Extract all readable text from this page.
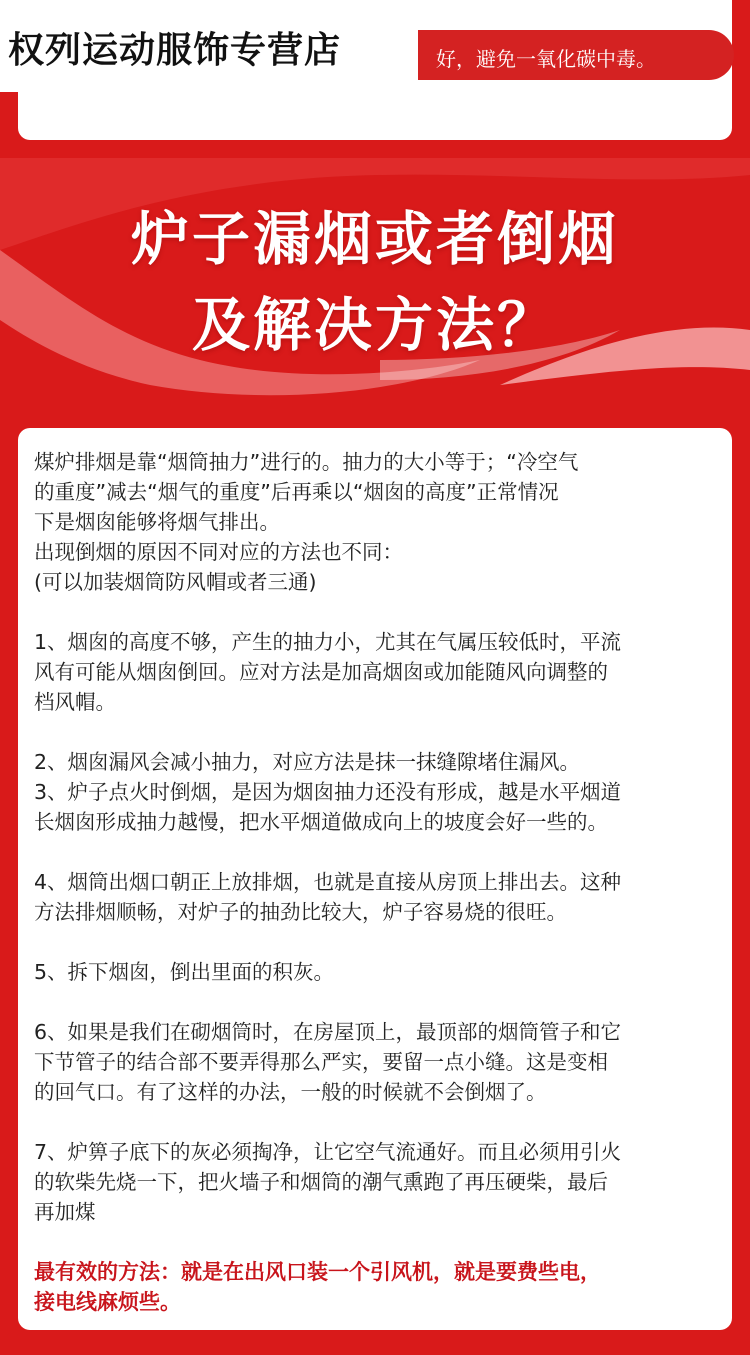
好，避免一氧化碳中毒。
权列运动服饰专营店
炉子漏烟或者倒烟
及解决方法？
煤炉排烟是靠“烟筒抽力”进行的。抽力的大小等于；“冷空气
的重度”减去“烟气的重度”后再乘以“烟囱的高度”正常情况
下是烟囱能够将烟气排出。
出现倒烟的原因不同对应的方法也不同：
(可以加装烟筒防风帽或者三通)
1、烟囱的高度不够，产生的抽力小，尤其在气属压较低时，平流
风有可能从烟囱倒回。应对方法是加高烟囱或加能随风向调整的
档风帽。
2、烟囱漏风会减小抽力，对应方法是抹一抹缝隙堵住漏风。
3、炉子点火时倒烟，是因为烟囱抽力还没有形成，越是水平烟道
长烟囱形成抽力越慢，把水平烟道做成向上的坡度会好一些的。
4、烟筒出烟口朝正上放排烟，也就是直接从房顶上排出去。这种
方法排烟顺畅，对炉子的抽劲比较大，炉子容易烧的很旺。
5、拆下烟囱，倒出里面的积灰。
6、如果是我们在砌烟筒时，在房屋顶上，最顶部的烟筒管子和它
下节管子的结合部不要弄得那么严实，要留一点小缝。这是变相
的回气口。有了这样的办法，一般的时候就不会倒烟了。
7、炉箅子底下的灰必须掏净，让它空气流通好。而且必须用引火
的软柴先烧一下，把火墙子和烟筒的潮气熏跑了再压硬柴，最后
再加煤
最有效的方法：就是在出风口装一个引风机，就是要费些电，
接电线麻烦些。
